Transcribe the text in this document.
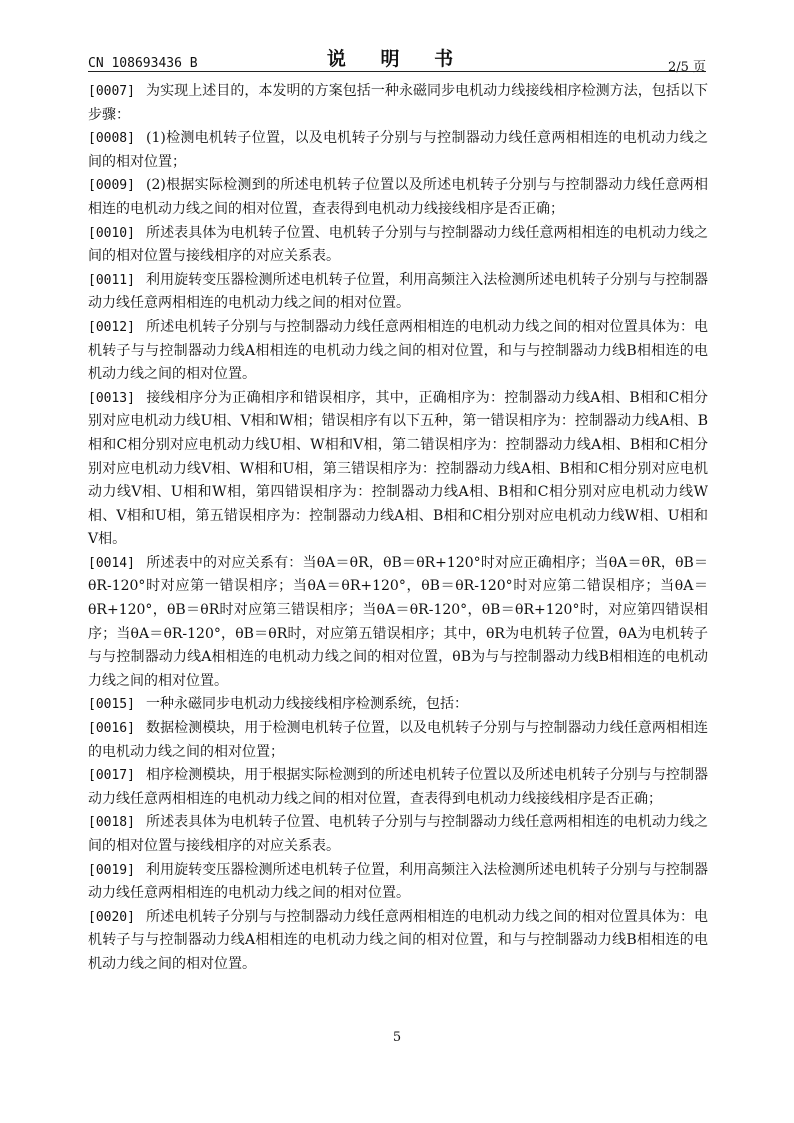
CN 108693436 B	说 明 书	2/5 页

[0007] 为实现上述目的，本发明的方案包括一种永磁同步电机动力线接线相序检测方法，包括以下步骤：

[0008] (1)检测电机转子位置，以及电机转子分别与与控制器动力线任意两相相连的电机动力线之间的相对位置；

[0009] (2)根据实际检测到的所述电机转子位置以及所述电机转子分别与与控制器动力线任意两相相连的电机动力线之间的相对位置，查表得到电机动力线接线相序是否正确；

[0010] 所述表具体为电机转子位置、电机转子分别与与控制器动力线任意两相相连的电机动力线之间的相对位置与接线相序的对应关系表。

[0011] 利用旋转变压器检测所述电机转子位置，利用高频注入法检测所述电机转子分别与与控制器动力线任意两相相连的电机动力线之间的相对位置。

[0012] 所述电机转子分别与与控制器动力线任意两相相连的电机动力线之间的相对位置具体为：电机转子与与控制器动力线A相相连的电机动力线之间的相对位置，和与与控制器动力线B相相连的电机动力线之间的相对位置。

[0013] 接线相序分为正确相序和错误相序，其中，正确相序为：控制器动力线A相、B相和C相分别对应电机动力线U相、V相和W相；错误相序有以下五种，第一错误相序为：控制器动力线A相、B相和C相分别对应电机动力线U相、W相和V相，第二错误相序为：控制器动力线A相、B相和C相分别对应电机动力线V相、W相和U相，第三错误相序为：控制器动力线A相、B相和C相分别对应电机动力线V相、U相和W相，第四错误相序为：控制器动力线A相、B相和C相分别对应电机动力线W相、V相和U相，第五错误相序为：控制器动力线A相、B相和C相分别对应电机动力线W相、U相和V相。

[0014] 所述表中的对应关系有：当θA＝θR，θB＝θR+120°时对应正确相序；当θA＝θR，θB＝θR-120°时对应第一错误相序；当θA＝θR+120°，θB＝θR-120°时对应第二错误相序；当θA＝θR+120°，θB＝θR时对应第三错误相序；当θA＝θR-120°，θB＝θR+120°时，对应第四错误相序；当θA＝θR-120°，θB＝θR时，对应第五错误相序；其中，θR为电机转子位置，θA为电机转子与与控制器动力线A相相连的电机动力线之间的相对位置，θB为与与控制器动力线B相相连的电机动力线之间的相对位置。

[0015] 一种永磁同步电机动力线接线相序检测系统，包括：

[0016] 数据检测模块，用于检测电机转子位置，以及电机转子分别与与控制器动力线任意两相相连的电机动力线之间的相对位置；

[0017] 相序检测模块，用于根据实际检测到的所述电机转子位置以及所述电机转子分别与与控制器动力线任意两相相连的电机动力线之间的相对位置，查表得到电机动力线接线相序是否正确；

[0018] 所述表具体为电机转子位置、电机转子分别与与控制器动力线任意两相相连的电机动力线之间的相对位置与接线相序的对应关系表。

[0019] 利用旋转变压器检测所述电机转子位置，利用高频注入法检测所述电机转子分别与与控制器动力线任意两相相连的电机动力线之间的相对位置。

[0020] 所述电机转子分别与与控制器动力线任意两相相连的电机动力线之间的相对位置具体为：电机转子与与控制器动力线A相相连的电机动力线之间的相对位置，和与与控制器动力线B相相连的电机动力线之间的相对位置。

5
